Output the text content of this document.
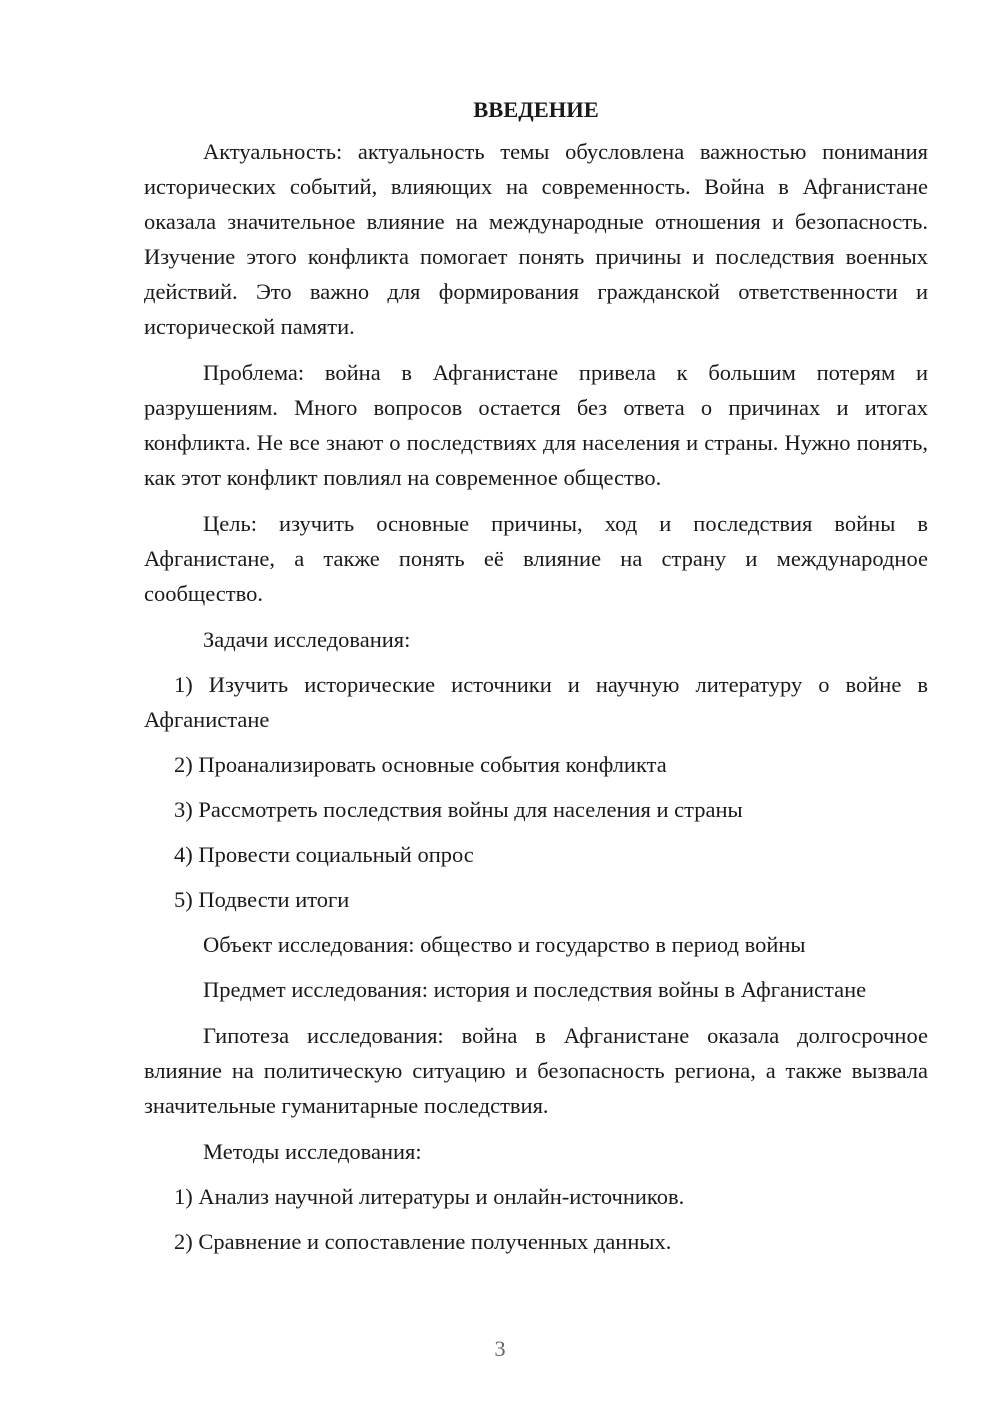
ВВЕДЕНИЕ

Актуальность: актуальность темы обусловлена важностью понимания исторических событий, влияющих на современность. Война в Афганистане оказала значительное влияние на международные отношения и безопасность. Изучение этого конфликта помогает понять причины и последствия военных действий. Это важно для формирования гражданской ответственности и исторической памяти.

Проблема: война в Афганистане привела к большим потерям и разрушениям. Много вопросов остается без ответа о причинах и итогах конфликта. Не все знают о последствиях для населения и страны. Нужно понять, как этот конфликт повлиял на современное общество.

Цель: изучить основные причины, ход и последствия войны в Афганистане, а также понять её влияние на страну и международное сообщество.

Задачи исследования:

1) Изучить исторические источники и научную литературу о войне в Афганистане

2) Проанализировать основные события конфликта

3) Рассмотреть последствия войны для населения и страны

4) Провести социальный опрос

5) Подвести итоги

Объект исследования: общество и государство в период войны

Предмет исследования: история и последствия войны в Афганистане

Гипотеза исследования: война в Афганистане оказала долгосрочное влияние на политическую ситуацию и безопасность региона, а также вызвала значительные гуманитарные последствия.

Методы исследования:

1) Анализ научной литературы и онлайн-источников.

2) Сравнение и сопоставление полученных данных.

3
